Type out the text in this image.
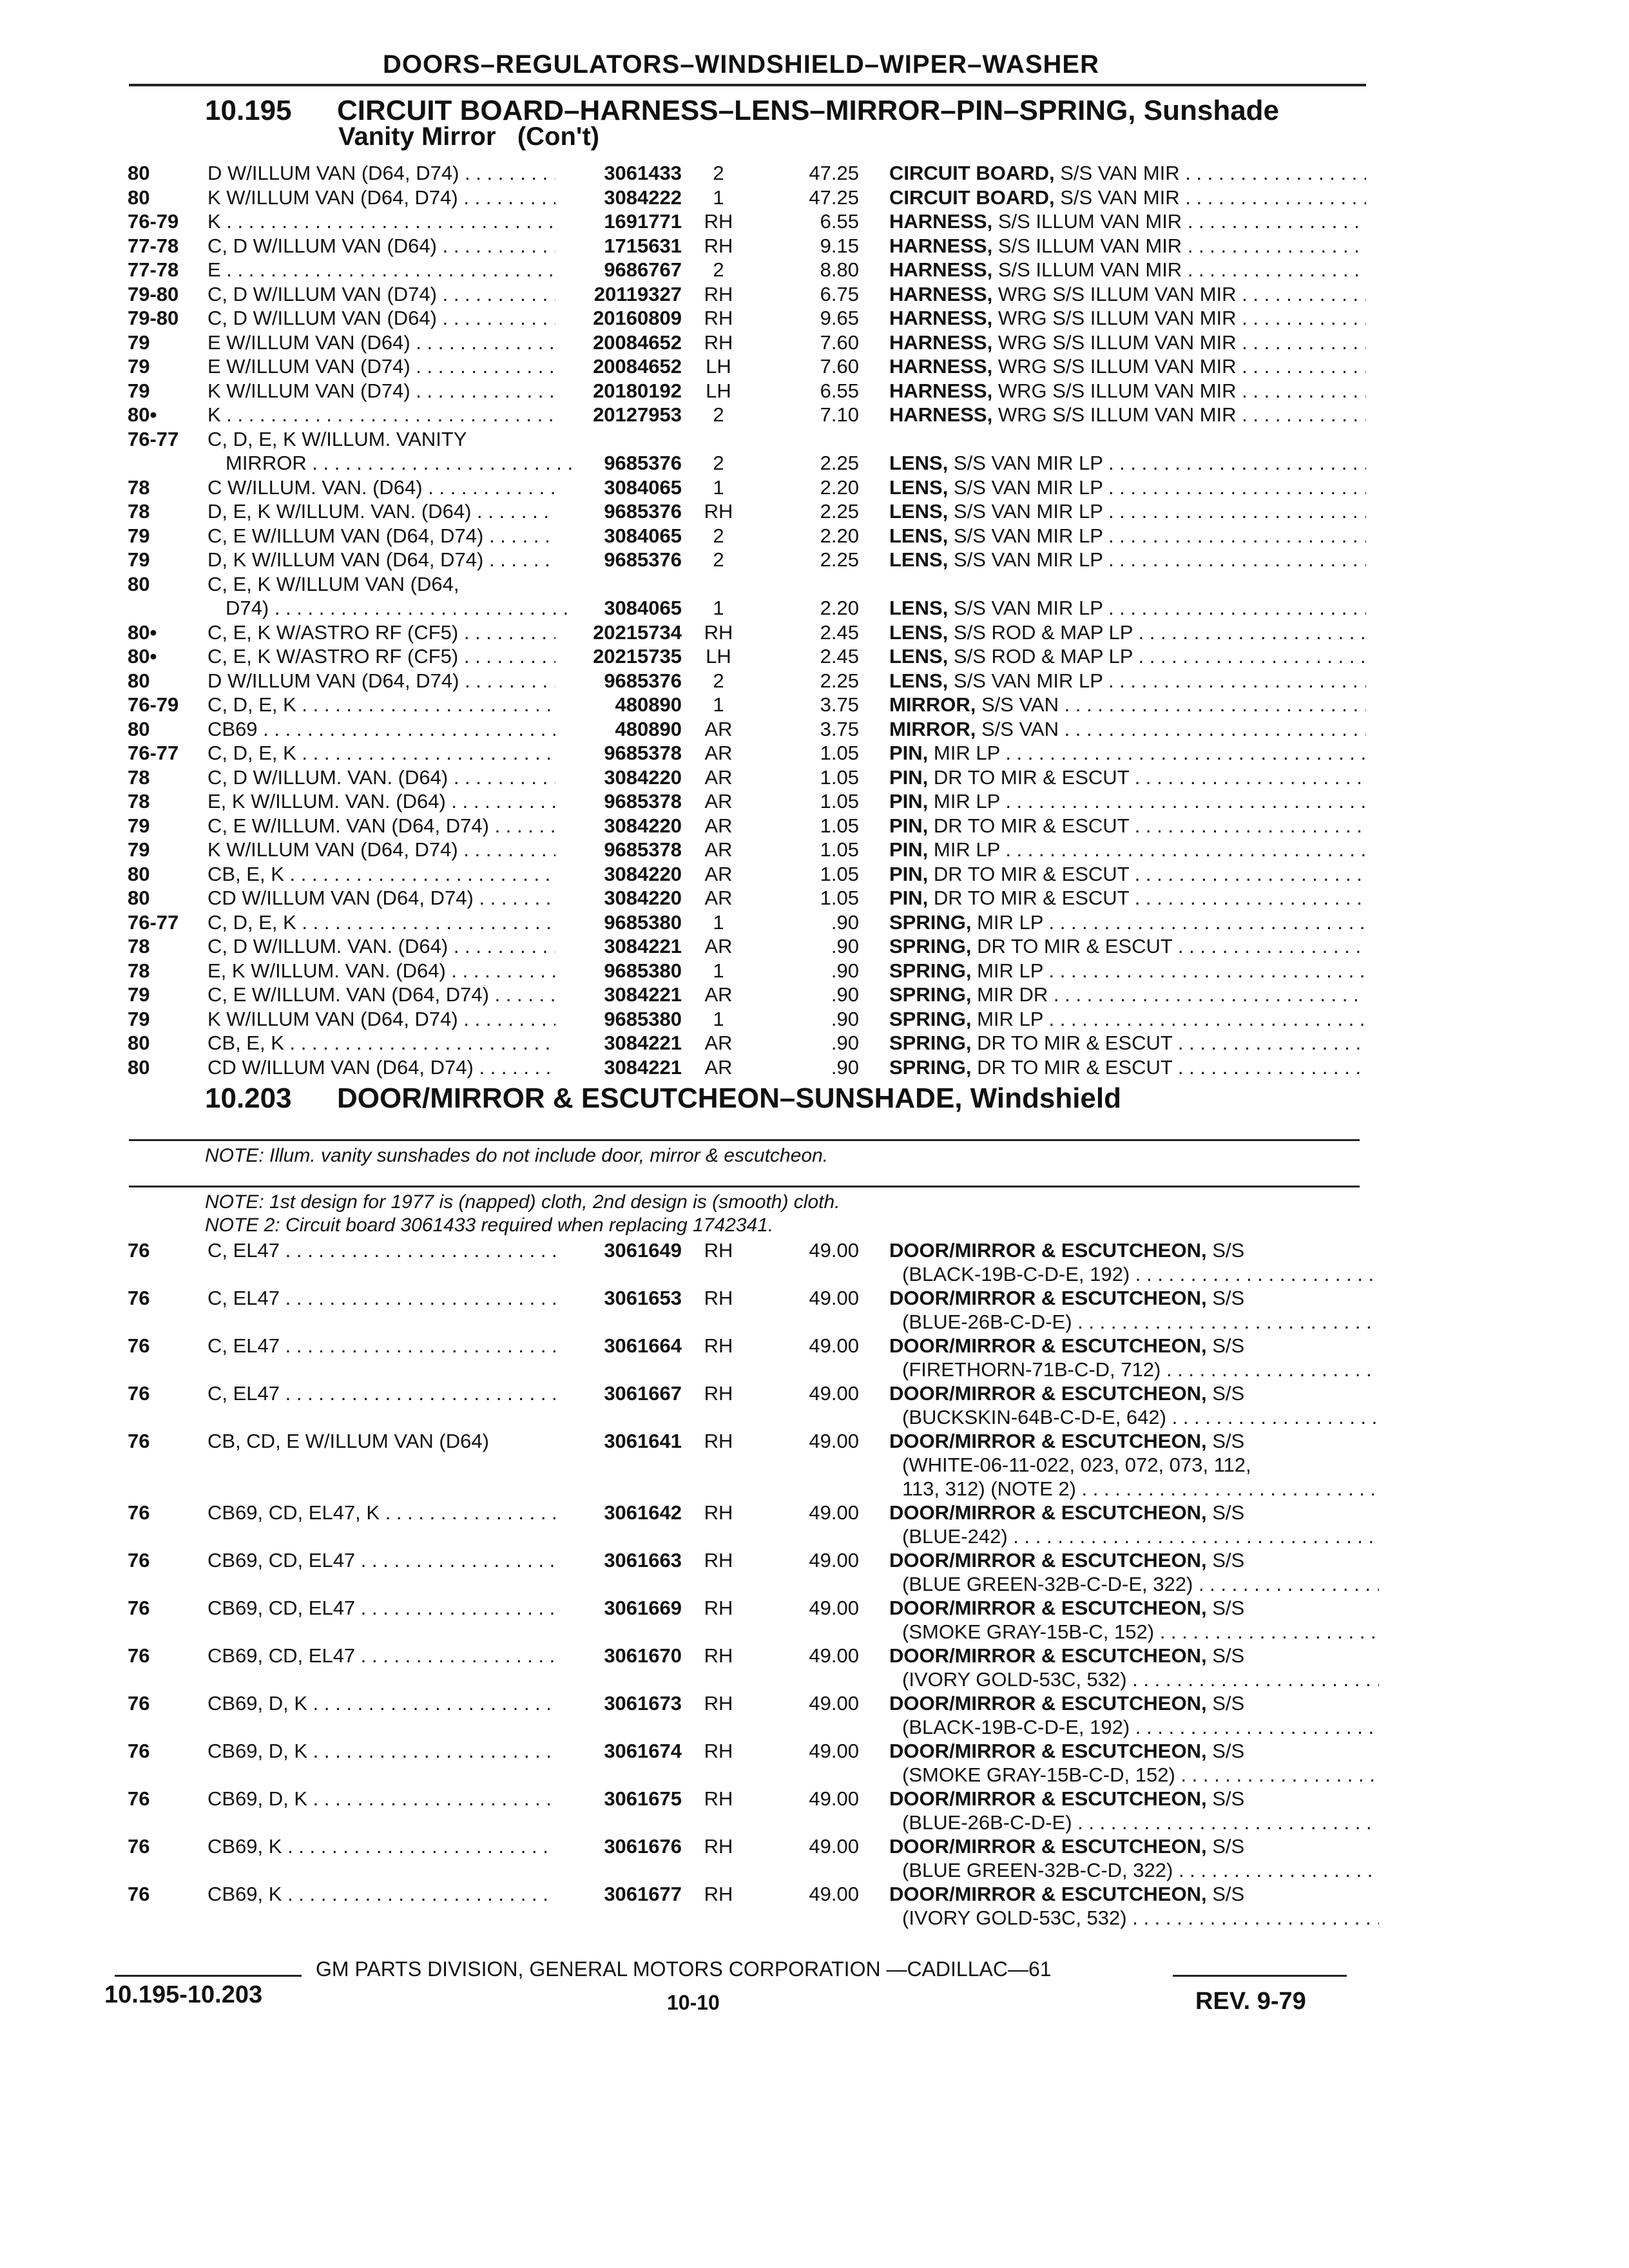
DOORS–REGULATORS–WINDSHIELD–WIPER–WASHER
10.195 CIRCUIT BOARD–HARNESS–LENS–MIRROR–PIN–SPRING, Sunshade
Vanity Mirror   (Con't)
80	D W/ILLUM VAN (D64, D74) . . .	3061433	2	47.25 CIRCUIT BOARD, S/S VAN MIR . . .
80	K W/ILLUM VAN (D64, D74) . . .	3084222	1	47.25 CIRCUIT BOARD, S/S VAN MIR . . .
76-79 K . . .	1691771 RH	6.55 HARNESS, S/S ILLUM VAN MIR . . .
77-78 C, D W/ILLUM VAN (D64) . . .	1715631 RH	9.15 HARNESS, S/S ILLUM VAN MIR . . .
77-78 E . . .	9686767	2	8.80 HARNESS, S/S ILLUM VAN MIR . . .
79-80 C, D W/ILLUM VAN (D74) . . .	20119327 RH	6.75 HARNESS, WRG S/S ILLUM VAN MIR . . .
79-80 C, D W/ILLUM VAN (D64) . . .	20160809 RH	9.65 HARNESS, WRG S/S ILLUM VAN MIR . . .
79	E W/ILLUM VAN (D64) . . .	20084652 RH	7.60 HARNESS, WRG S/S ILLUM VAN MIR . . .
79	E W/ILLUM VAN (D74) . . .	20084652	LH	7.60 HARNESS, WRG S/S ILLUM VAN MIR . . .
79	K W/ILLUM VAN (D74) . . .	20180192	LH	6.55 HARNESS, WRG S/S ILLUM VAN MIR . . .
80•	K . . .	20127953	2	7.10 HARNESS, WRG S/S ILLUM VAN MIR . . .
76-77 C, D, E, K W/ILLUM. VANITY
MIRROR . . .	9685376	2	2.25 LENS, S/S VAN MIR LP . . .
78	C W/ILLUM. VAN. (D64) . . .	3084065	1	2.20 LENS, S/S VAN MIR LP . . .
78	D, E, K W/ILLUM. VAN. (D64) . . .	9685376 RH	2.25 LENS, S/S VAN MIR LP . . .
79	C, E W/ILLUM VAN (D64, D74) . . .	3084065	2	2.20 LENS, S/S VAN MIR LP . . .
79	D, K W/ILLUM VAN (D64, D74) . . .	9685376	2	2.25 LENS, S/S VAN MIR LP . . .
80	C, E, K W/ILLUM VAN (D64,
D74) . . .	3084065	1	2.20 LENS, S/S VAN MIR LP . . .
80•	C, E, K W/ASTRO RF (CF5) . . .	20215734 RH	2.45 LENS, S/S ROD & MAP LP . . .
80•	C, E, K W/ASTRO RF (CF5) . . .	20215735	LH	2.45 LENS, S/S ROD & MAP LP . . .
80	D W/ILLUM VAN (D64, D74) . . .	9685376	2	2.25 LENS, S/S VAN MIR LP . . .
76-79 C, D, E, K . . .	480890	1	3.75 MIRROR, S/S VAN . . .
80	CB69 . . .	480890 AR	3.75 MIRROR, S/S VAN . . .
76-77 C, D, E, K . . .	9685378 AR	1.05 PIN, MIR LP . . .
78	C, D W/ILLUM. VAN. (D64) . . .	3084220 AR	1.05 PIN, DR TO MIR & ESCUT . . .
78	E, K W/ILLUM. VAN. (D64) . . .	9685378 AR	1.05 PIN, MIR LP . . .
79	C, E W/ILLUM. VAN (D64, D74) . . .	3084220 AR	1.05 PIN, DR TO MIR & ESCUT . . .
79	K W/ILLUM VAN (D64, D74) . . .	9685378 AR	1.05 PIN, MIR LP . . .
80	CB, E, K . . .	3084220 AR	1.05 PIN, DR TO MIR & ESCUT . . .
80	CD W/ILLUM VAN (D64, D74) . . .	3084220 AR	1.05 PIN, DR TO MIR & ESCUT . . .
76-77 C, D, E, K . . .	9685380	1	.90 SPRING, MIR LP . . .
78	C, D W/ILLUM. VAN. (D64) . . .	3084221 AR	.90 SPRING, DR TO MIR & ESCUT . . .
78	E, K W/ILLUM. VAN. (D64) . . .	9685380	1	.90 SPRING, MIR LP . . .
79	C, E W/ILLUM. VAN (D64, D74) . . .	3084221 AR	.90 SPRING, MIR DR . . .
79	K W/ILLUM VAN (D64, D74) . . .	9685380	1	.90 SPRING, MIR LP . . .
80	CB, E, K . . .	3084221 AR	.90 SPRING, DR TO MIR & ESCUT . . .
80	CD W/ILLUM VAN (D64, D74) . . .	3084221 AR	.90 SPRING, DR TO MIR & ESCUT . . .
10.203 DOOR/MIRROR & ESCUTCHEON–SUNSHADE, Windshield
NOTE: Illum. vanity sunshades do not include door, mirror & escutcheon.
NOTE: 1st design for 1977 is (napped) cloth, 2nd design is (smooth) cloth.
NOTE 2: Circuit board 3061433 required when replacing 1742341.
76	C, EL47 . . .	3061649 RH	49.00 DOOR/MIRROR & ESCUTCHEON, S/S
(BLACK-19B-C-D-E, 192) . . .
76	C, EL47 . . .	3061653 RH	49.00 DOOR/MIRROR & ESCUTCHEON, S/S
(BLUE-26B-C-D-E) . . .
76	C, EL47 . . .	3061664 RH	49.00 DOOR/MIRROR & ESCUTCHEON, S/S
(FIRETHORN-71B-C-D, 712) . . .
76	C, EL47 . . .	3061667 RH	49.00 DOOR/MIRROR & ESCUTCHEON, S/S
(BUCKSKIN-64B-C-D-E, 642) . . .
76	CB, CD, E W/ILLUM VAN (D64)	3061641 RH	49.00 DOOR/MIRROR & ESCUTCHEON, S/S
(WHITE-06-11-022, 023, 072, 073, 112,
113, 312) (NOTE 2) . . .
76	CB69, CD, EL47, K . . .	3061642 RH	49.00 DOOR/MIRROR & ESCUTCHEON, S/S
(BLUE-242) . . .
76	CB69, CD, EL47 . . .	3061663 RH	49.00 DOOR/MIRROR & ESCUTCHEON, S/S
(BLUE GREEN-32B-C-D-E, 322) . . .
76	CB69, CD, EL47 . . .	3061669 RH	49.00 DOOR/MIRROR & ESCUTCHEON, S/S
(SMOKE GRAY-15B-C, 152) . . .
76	CB69, CD, EL47 . . .	3061670 RH	49.00 DOOR/MIRROR & ESCUTCHEON, S/S
(IVORY GOLD-53C, 532) . . .
76	CB69, D, K . . .	3061673 RH	49.00 DOOR/MIRROR & ESCUTCHEON, S/S
(BLACK-19B-C-D-E, 192) . . .
76	CB69, D, K . . .	3061674 RH	49.00 DOOR/MIRROR & ESCUTCHEON, S/S
(SMOKE GRAY-15B-C-D, 152) . . .
76	CB69, D, K . . .	3061675 RH	49.00 DOOR/MIRROR & ESCUTCHEON, S/S
(BLUE-26B-C-D-E) . . .
76	CB69, K . . .	3061676 RH	49.00 DOOR/MIRROR & ESCUTCHEON, S/S
(BLUE GREEN-32B-C-D, 322) . . .
76	CB69, K . . .	3061677 RH	49.00 DOOR/MIRROR & ESCUTCHEON, S/S
(IVORY GOLD-53C, 532) . . .
GM PARTS DIVISION, GENERAL MOTORS CORPORATION —CADILLAC—61
10.195-10.203	10-10	REV. 9-79
